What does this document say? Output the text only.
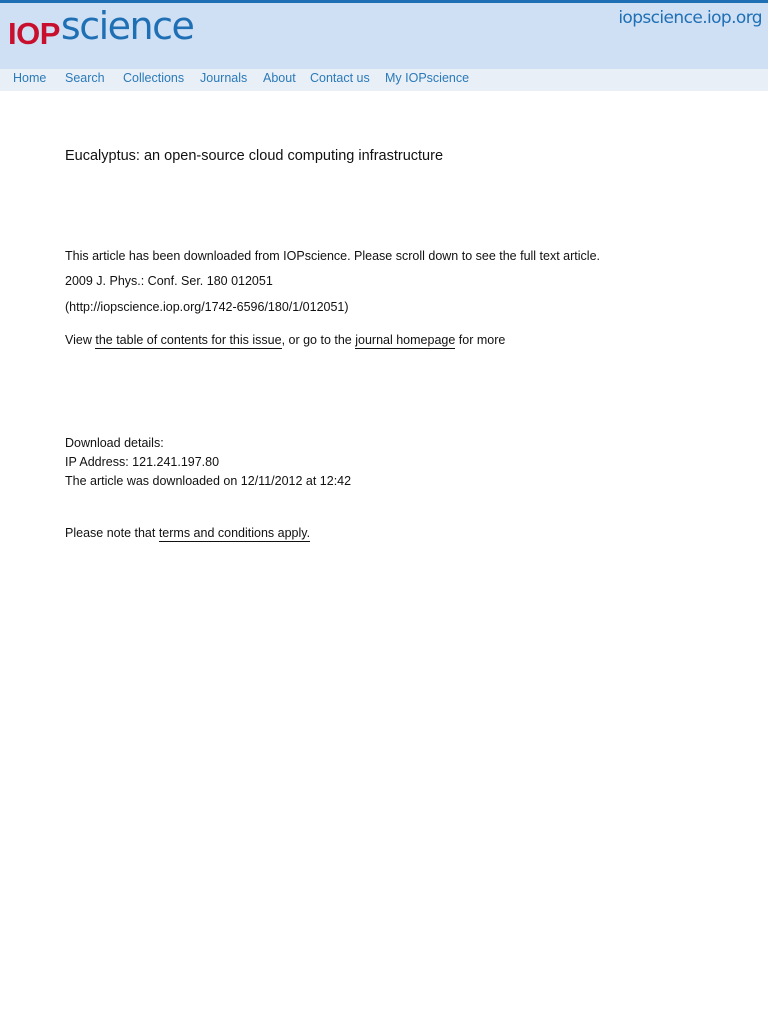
IOP science	iopscience.iop.org
Home Search Collections Journals About Contact us My IOPscience
Eucalyptus: an open-source cloud computing infrastructure
This article has been downloaded from IOPscience. Please scroll down to see the full text article.
2009 J. Phys.: Conf. Ser. 180 012051
(http://iopscience.iop.org/1742-6596/180/1/012051)
View the table of contents for this issue, or go to the journal homepage for more
Download details:
IP Address: 121.241.197.80
The article was downloaded on 12/11/2012 at 12:42
Please note that terms and conditions apply.
